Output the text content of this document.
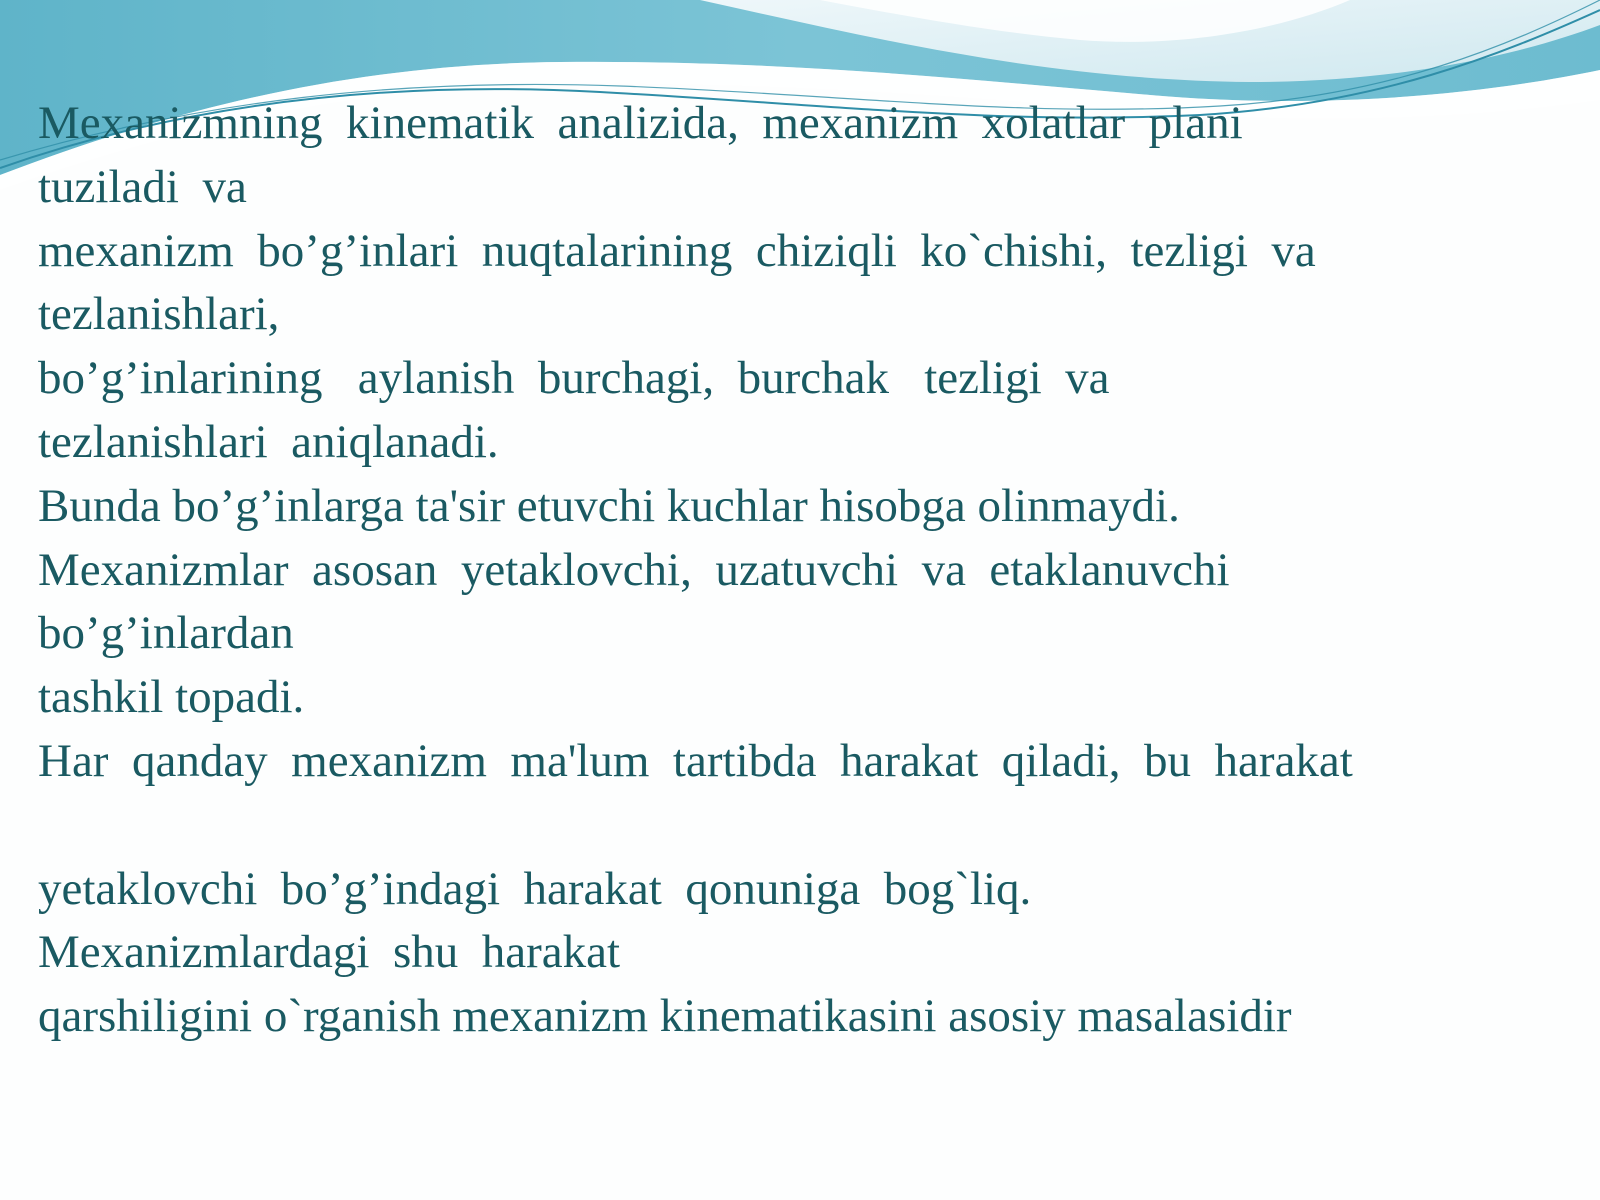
Mexanizmning  kinematik  analizida,  mexanizm  xolatlar  plani
tuziladi  va
mexanizm  bo’g’inlari  nuqtalarining  chiziqli  ko`chishi,  tezligi  va
tezlanishlari,
bo’g’inlarining   aylanish  burchagi,  burchak   tezligi  va
tezlanishlari  aniqlanadi.
Bunda bo’g’inlarga ta'sir etuvchi kuchlar hisobga olinmaydi.
Mexanizmlar  asosan  yetaklovchi,  uzatuvchi  va  etaklanuvchi
bo’g’inlardan
tashkil topadi.
Har  qanday  mexanizm  ma'lum  tartibda  harakat  qiladi,  bu  harakat
yetaklovchi  bo’g’indagi  harakat  qonuniga  bog`liq.
Mexanizmlardagi  shu  harakat
qarshiligini o`rganish mexanizm kinematikasini asosiy masalasidir
